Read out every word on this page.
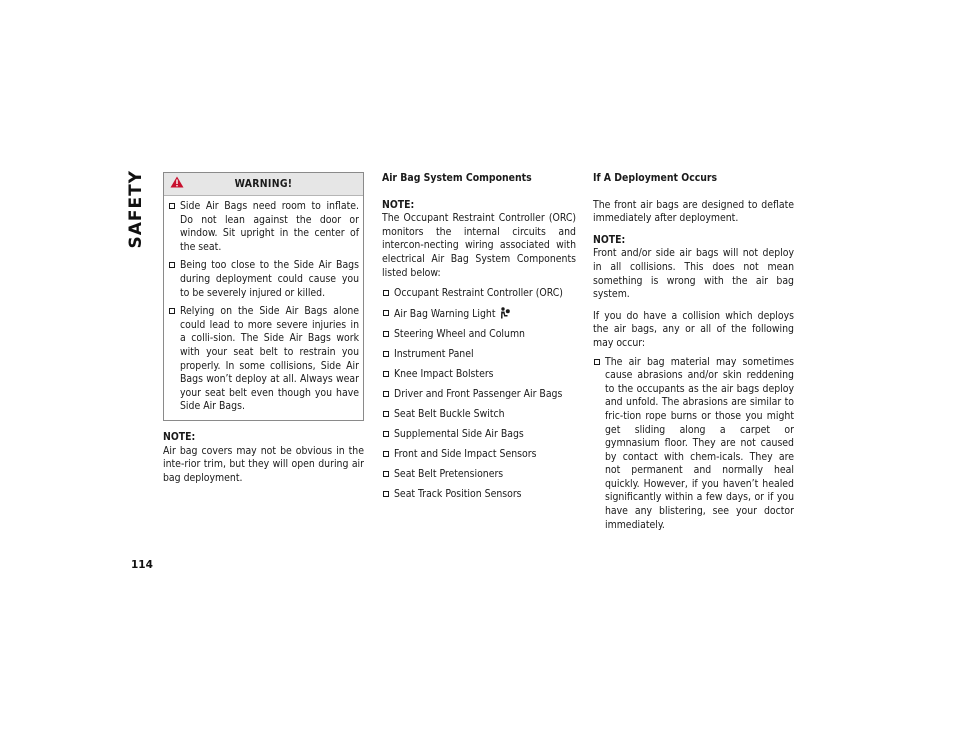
SAFETY
114
WARNING!
Side Air Bags need room to inflate. Do not lean against the door or window. Sit upright in the center of the seat.
Being too close to the Side Air Bags during deployment could cause you to be severely injured or killed.
Relying on the Side Air Bags alone could lead to more severe injuries in a colli-sion. The Side Air Bags work with your seat belt to restrain you properly. In some collisions, Side Air Bags won’t deploy at all. Always wear your seat belt even though you have Side Air Bags.

NOTE:
Air bag covers may not be obvious in the inte-rior trim, but they will open during air bag deployment.

Air Bag System Components

NOTE:
The Occupant Restraint Controller (ORC) monitors the internal circuits and intercon-necting wiring associated with electrical Air Bag System Components listed below:

Occupant Restraint Controller (ORC)
Air Bag Warning Light
Steering Wheel and Column
Instrument Panel
Knee Impact Bolsters
Driver and Front Passenger Air Bags
Seat Belt Buckle Switch
Supplemental Side Air Bags
Front and Side Impact Sensors
Seat Belt Pretensioners
Seat Track Position Sensors
If A Deployment Occurs

The front air bags are designed to deflate immediately after deployment.

NOTE:
Front and/or side air bags will not deploy in all collisions. This does not mean something is wrong with the air bag system.

If you do have a collision which deploys the air bags, any or all of the following may occur:

The air bag material may sometimes cause abrasions and/or skin reddening to the occupants as the air bags deploy and unfold. The abrasions are similar to fric-tion rope burns or those you might get sliding along a carpet or gymnasium floor. They are not caused by contact with chem-icals. They are not permanent and normally heal quickly. However, if you haven’t healed significantly within a few days, or if you have any blistering, see your doctor immediately.
